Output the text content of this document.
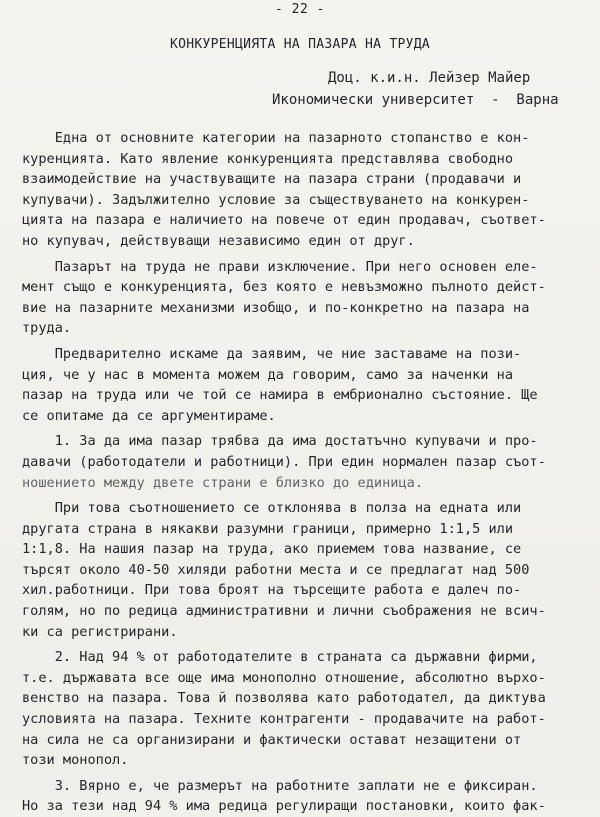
- 22 -
КОНКУРЕНЦИЯТА НА ПАЗАРА НА ТРУДА
Доц. к.и.н. Лейзер Майер
Икономически университет  -  Варна
Една от основните категории на пазарното стопанство е кон-
куренцията. Като явление конкуренцията представлява свободно
взаимодействие на участвуващите на пазара страни (продавачи и
купувачи). Задължително условие за съществуването на конкурен-
цията на пазара е наличието на повече от един продавач, съответ-
но купувач, действуващи независимо един от друг.
Пазарът на труда не прави изключение. При него основен еле-
мент също е конкуренцията, без която е невъзможно пълното дейст-
вие на пазарните механизми изобщо, и по-конкретно на пазара на
труда.
Предварително искаме да заявим, че ние заставаме на пози-
ция, че у нас в момента можем да говорим, само за наченки на
пазар на труда или че той се намира в ембрионално състояние. Ще
се опитаме да се аргументираме.
1. За да има пазар трябва да има достатъчно купувачи и про-
давачи (работодатели и работници). При един нормален пазар съот-
ношението между двете страни е близко до единица.
При това съотношението се отклонява в полза на едната или
другата страна в някакви разумни граници, примерно 1:1,5 или
1:1,8. На нашия пазар на труда, ако приемем това название, се
търсят около 40-50 хиляди работни места и се предлагат над 500
хил.работници. При това броят на търсещите работа е далеч по-
голям, но по редица административни и лични съображения не всич-
ки са регистрирани.
2. Над 94 % от работодателите в страната са държавни фирми,
т.е. държавата все още има монополно отношение, абсолютно върхо-
венство на пазара. Това й позволява като работодател, да диктува
условията на пазара. Техните контрагенти - продавачите на работ-
на сила не са организирани и фактически остават незащитени от
този монопол.
3. Вярно е, че размерът на работните заплати не е фиксиран.
Но за тези над 94 % има редица регулиращи постановки, които фак-
